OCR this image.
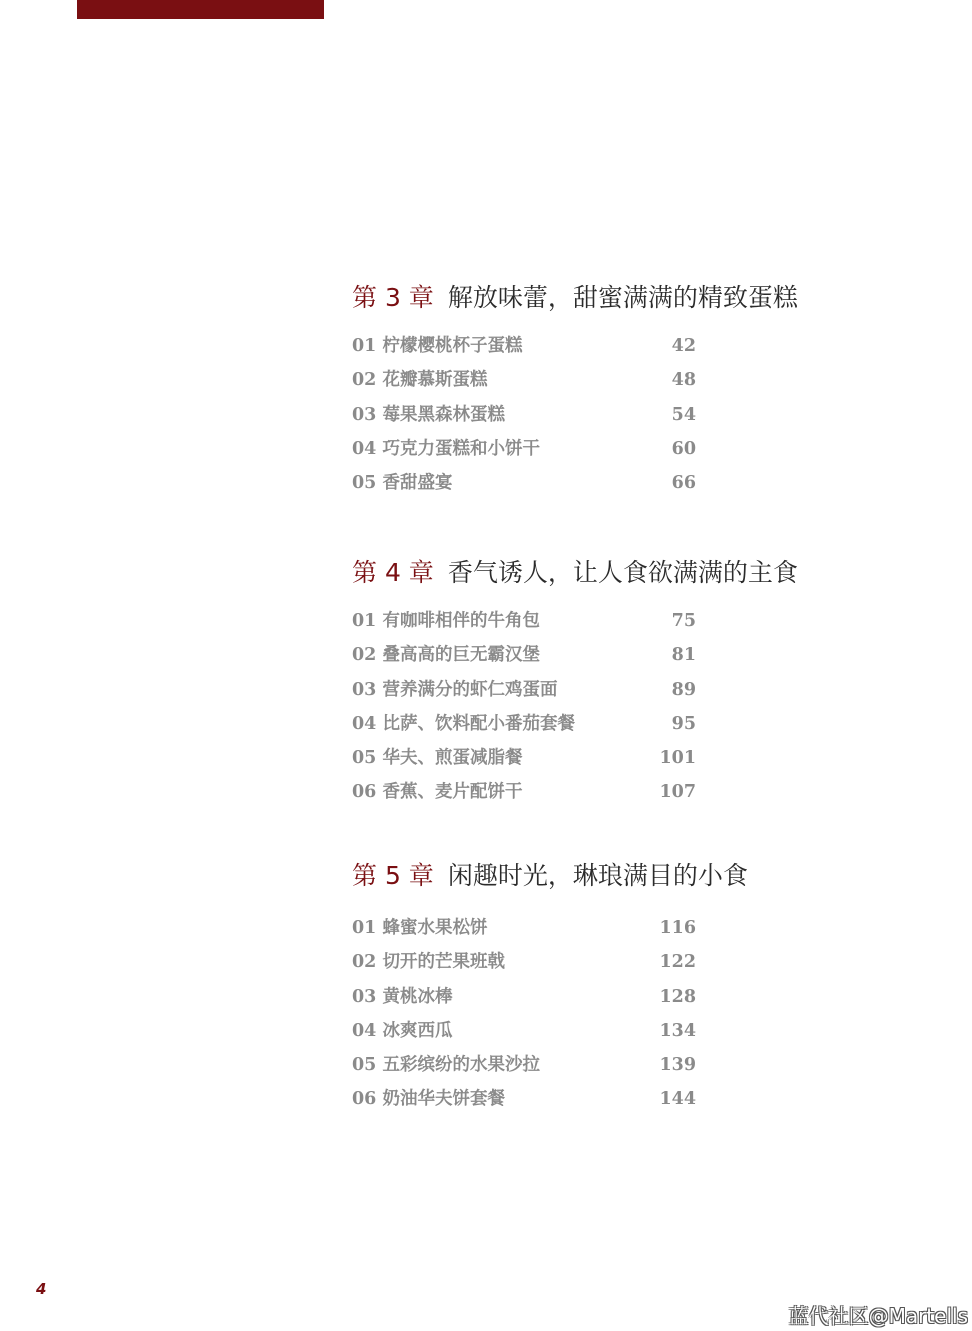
第 3 章 解放味蕾，甜蜜满满的精致蛋糕
01 柠檬樱桃杯子蛋糕	42
02 花瓣慕斯蛋糕	48
03 莓果黑森林蛋糕	54
04 巧克力蛋糕和小饼干	60
05 香甜盛宴	66
第 4 章 香气诱人，让人食欲满满的主食
01 有咖啡相伴的牛角包	75
02 叠高高的巨无霸汉堡	81
03 营养满分的虾仁鸡蛋面	89
04 比萨、饮料配小番茄套餐	95
05 华夫、煎蛋减脂餐	101
06 香蕉、麦片配饼干	107
第 5 章 闲趣时光，琳琅满目的小食
01 蜂蜜水果松饼	116
02 切开的芒果班戟	122
03 黄桃冰棒	128
04 冰爽西瓜	134
05 五彩缤纷的水果沙拉	139
06 奶油华夫饼套餐	144
4
蓝代社区@Martells
